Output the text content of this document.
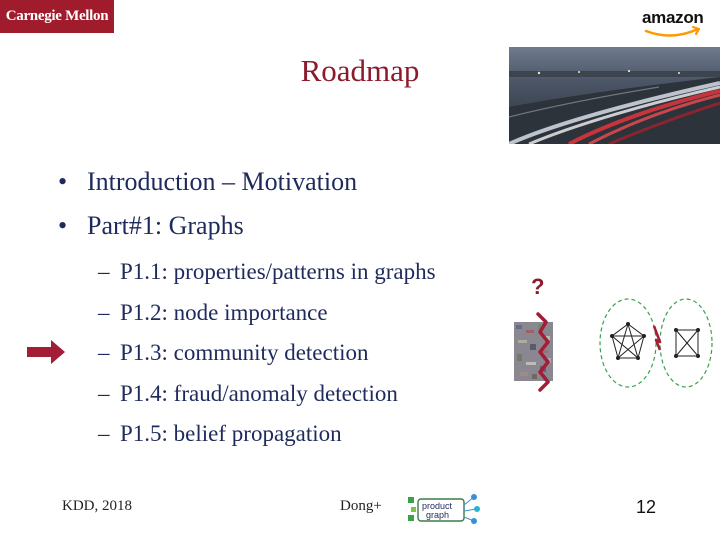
Carnegie Mellon	amazon
Roadmap
• Introduction – Motivation
• Part#1: Graphs
– P1.1: properties/patterns in graphs
– P1.2: node importance
– P1.3: community detection
– P1.4: fraud/anomaly detection
– P1.5: belief propagation
?
KDD, 2018	Dong+	product
graph	12
